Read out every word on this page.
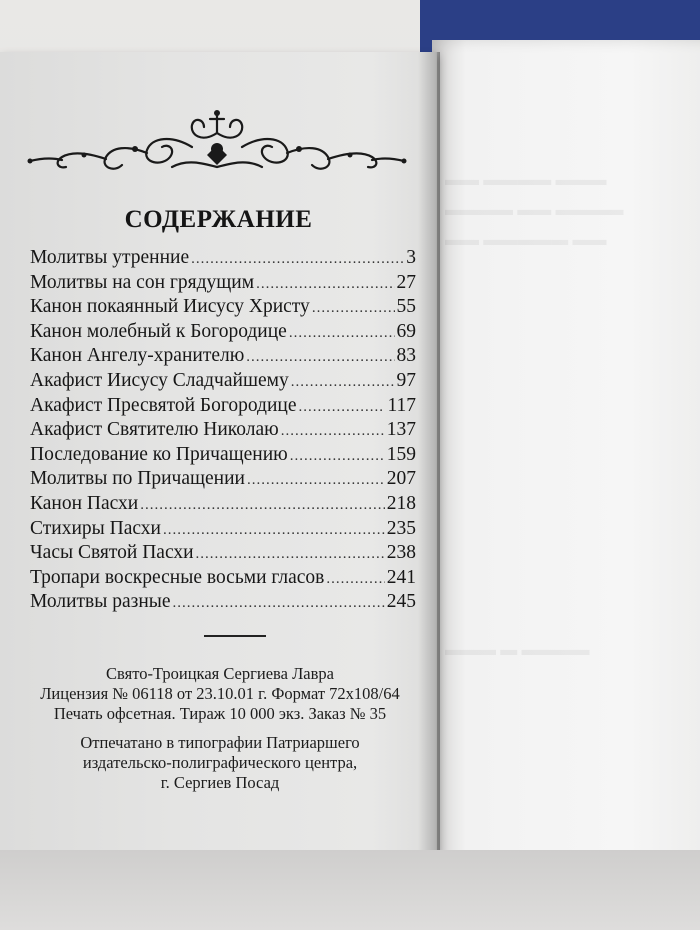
▬▬ ▬▬▬▬ ▬▬▬
▬▬▬▬ ▬▬ ▬▬▬▬
▬▬ ▬▬▬▬▬ ▬▬
▬▬▬ ▬ ▬▬▬▬
СОДЕРЖАНИЕ
Молитвы утренние .....	3
Молитвы на сон грядущим .....	27
Канон покаянный Иисусу Христу .....	55
Канон молебный к Богородице .....	69
Канон Ангелу-хранителю .....	83
Акафист Иисусу Сладчайшему .....	97
Акафист Пресвятой Богородице .....	117
Акафист Святителю Николаю .....	137
Последование ко Причащению .....	159
Молитвы по Причащении .....	207
Канон Пасхи .....	218
Стихиры Пасхи .....	235
Часы Святой Пасхи .....	238
Тропари воскресные восьми гласов .....	241
Молитвы разные .....	245
Свято-Троицкая Сергиева Лавра
Лицензия № 06118 от 23.10.01 г. Формат 72х108/64
Печать офсетная. Тираж 10 000 экз. Заказ № 35
Отпечатано в типографии Патриаршего
издательско-полиграфического центра,
г. Сергиев Посад
